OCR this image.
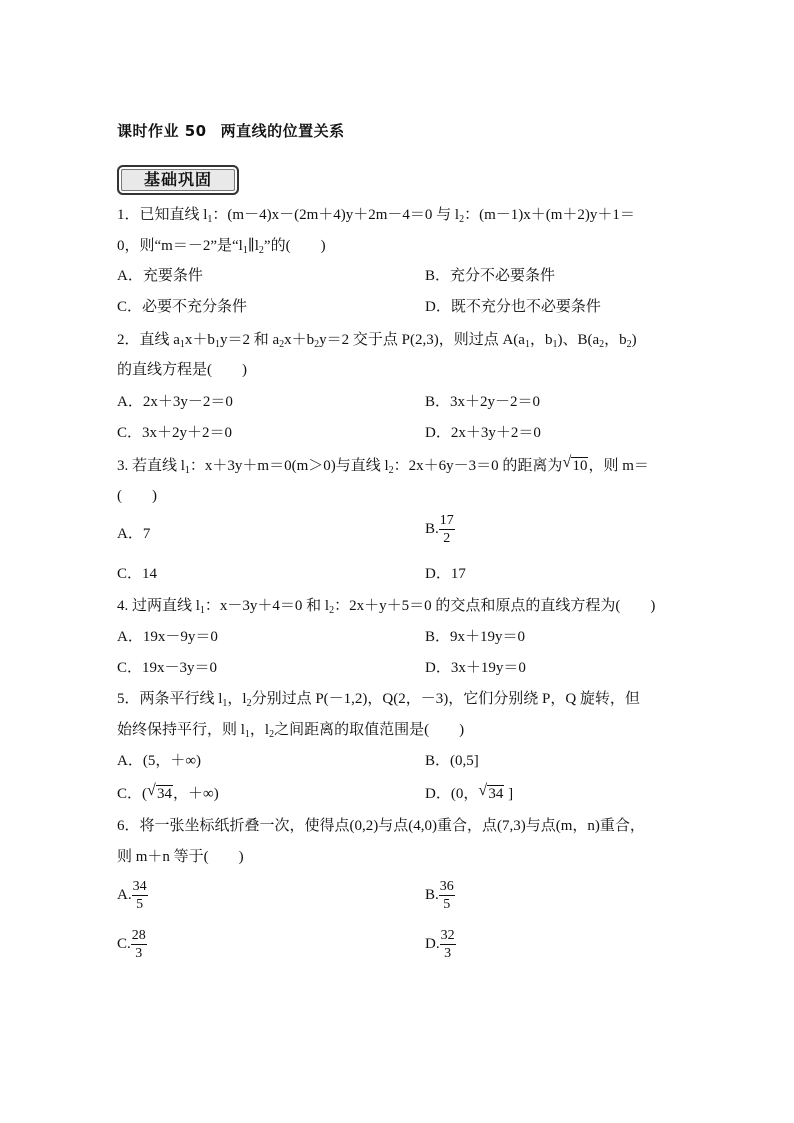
课时作业 50 两直线的位置关系
基础巩固
1．已知直线 $l_1$：(m－4)x－(2m＋4)y＋2m－4＝0 与 $l_2$：(m－1)x＋(m＋2)y＋1＝
0，则“m＝－2”是“$l_1\parallel l_2$”的(　　)
A．充要条件	B．充分不必要条件
C．必要不充分条件	D．既不充分也不必要条件
2．直线 $a_1x+b_1y=2$ 和 $a_2x+b_2y=2$ 交于点 P(2,3)，则过点 $A(a_1$，$b_1$)、$B(a_2$，$b_2$)
的直线方程是(　　)
A．2x＋3y－2＝0	B．3x＋2y－2＝0
C．3x＋2y＋2＝0	D．2x＋3y＋2＝0
3. 若直线 $l_1$：x＋3y＋m＝0(m＞0)与直线 $l_2$：2x＋6y－3＝0 的距离为 √ 10，则 m＝
(　　)
A．7	B. $\frac{17}{2}$
C．14	D．17
4. 过两直线 $l_1$：x－3y＋4＝0 和 $l_2$：2x＋y＋5＝0 的交点和原点的直线方程为(　　)
A．19x－9y＝0	B．9x＋19y＝0
C．19x－3y＝0	D．3x＋19y＝0
5．两条平行线 $l_1$，$l_2$分别过点 P(－1,2)，Q(2，－3)，它们分别绕 P，Q 旋转，但
始终保持平行，则 $l_1$，$l_2$之间距离的取值范围是(　　)
A．(5，＋∞)	B．(0,5]
C．( √ 34，＋∞)	D．(0， √ 34 ]
6．将一张坐标纸折叠一次，使得点(0,2)与点(4,0)重合，点(7,3)与点(m，n)重合，
则 m＋n 等于(　　)
A. $\frac{34}{5}$	B. $\frac{36}{5}$
C. $\frac{28}{3}$	D. $\frac{32}{3}$
